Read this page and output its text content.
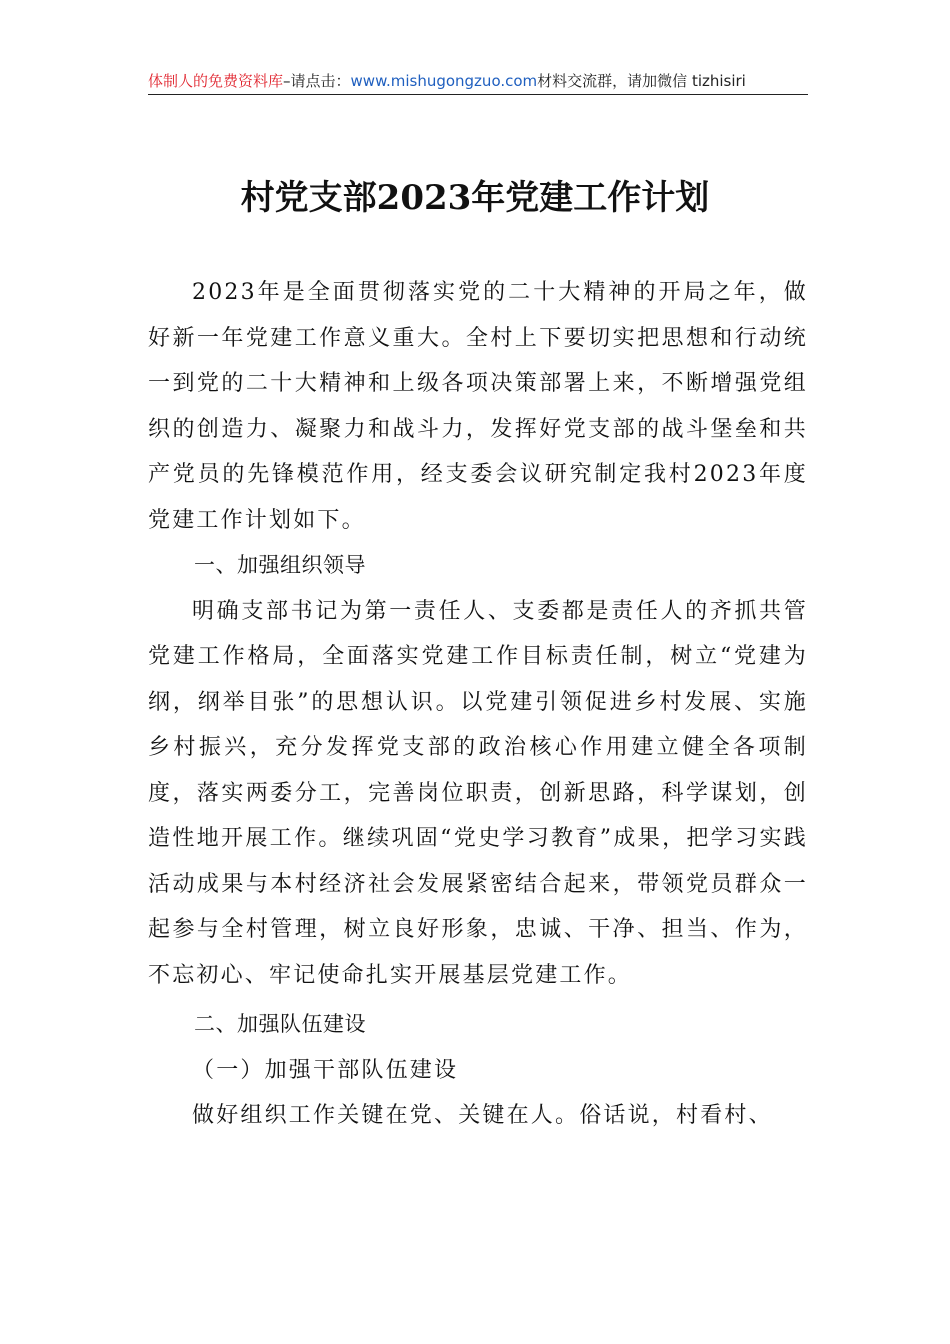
体制人的免费资料库–请点击：www.mishugongzuo.com材料交流群，请加微信 tizhisiri
村党支部2023年党建工作计划

2023年是全面贯彻落实党的二十大精神的开局之年，做好新一年党建工作意义重大。全村上下要切实把思想和行动统一到党的二十大精神和上级各项决策部署上来，不断增强党组织的创造力、凝聚力和战斗力，发挥好党支部的战斗堡垒和共产党员的先锋模范作用，经支委会议研究制定我村2023年度党建工作计划如下。

一、加强组织领导

明确支部书记为第一责任人、支委都是责任人的齐抓共管党建工作格局，全面落实党建工作目标责任制，树立“党建为纲，纲举目张”的思想认识。以党建引领促进乡村发展、实施乡村振兴，充分发挥党支部的政治核心作用建立健全各项制度，落实两委分工，完善岗位职责，创新思路，科学谋划，创造性地开展工作。继续巩固“党史学习教育”成果，把学习实践活动成果与本村经济社会发展紧密结合起来，带领党员群众一起参与全村管理，树立良好形象，忠诚、干净、担当、作为，不忘初心、牢记使命扎实开展基层党建工作。

二、加强队伍建设

（一）加强干部队伍建设

做好组织工作关键在党、关键在人。俗话说，村看村、
